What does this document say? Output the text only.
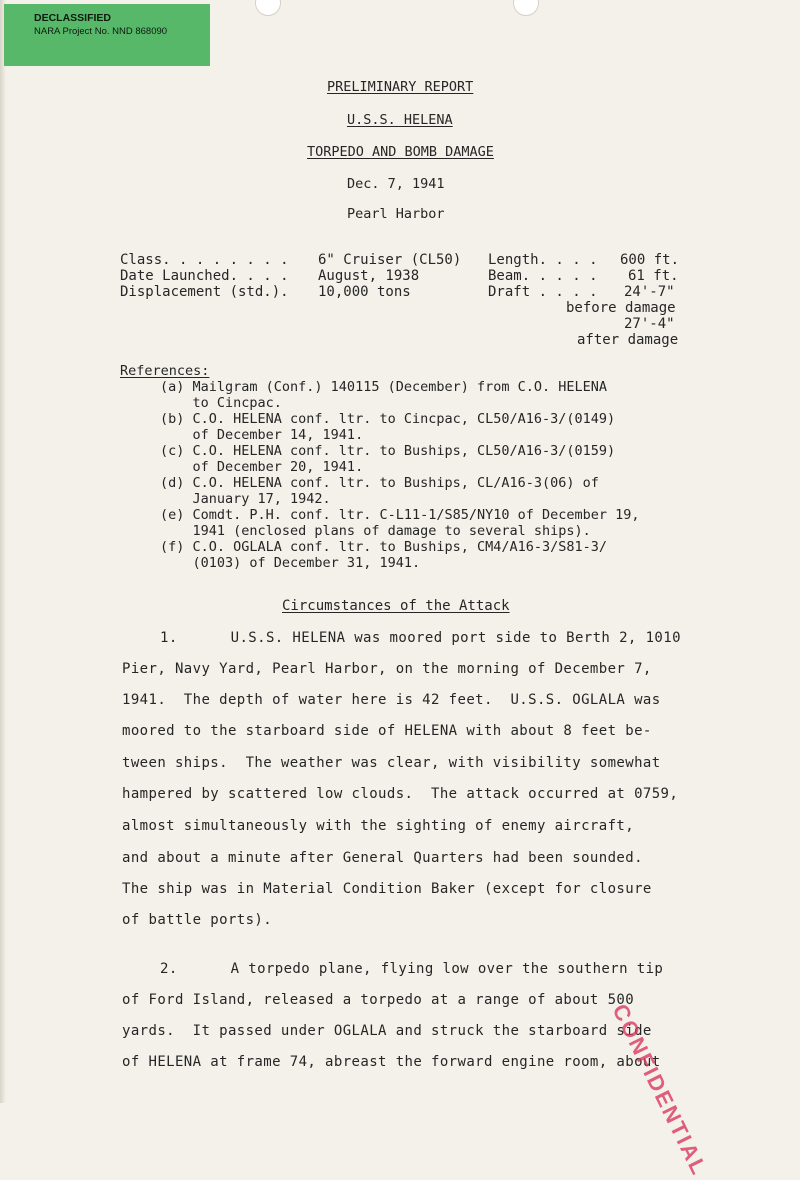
DECLASSIFIED
NARA Project No. NND 868090
PRELIMINARY REPORT
U.S.S. HELENA
TORPEDO AND BOMB DAMAGE
Dec. 7, 1941
Pearl Harbor
Class. . . . . . . . 6" Cruiser (CL50) Length. . . . 600 ft.
Date Launched. . . . August, 1938	Beam. . . . . 61 ft.
Displacement (std.). 10,000 tons	Draft . . . . 24'-7"
before damage
27'-4"
after damage
References:
(a) Mailgram (Conf.) 140115 (December) from C.O. HELENA
to Cincpac.
(b) C.O. HELENA conf. ltr. to Cincpac, CL50/A16-3/(0149)
of December 14, 1941.
(c) C.O. HELENA conf. ltr. to Buships, CL50/A16-3/(0159)
of December 20, 1941.
(d) C.O. HELENA conf. ltr. to Buships, CL/A16-3(06) of
January 17, 1942.
(e) Comdt. P.H. conf. ltr. C-L11-1/S85/NY10 of December 19,
1941 (enclosed plans of damage to several ships).
(f) C.O. OGLALA conf. ltr. to Buships, CM4/A16-3/S81-3/
(0103) of December 31, 1941.
Circumstances of the Attack
1.      U.S.S. HELENA was moored port side to Berth 2, 1010
Pier, Navy Yard, Pearl Harbor, on the morning of December 7,
1941.  The depth of water here is 42 feet.  U.S.S. OGLALA was
moored to the starboard side of HELENA with about 8 feet be-
tween ships.  The weather was clear, with visibility somewhat
hampered by scattered low clouds.  The attack occurred at 0759,
almost simultaneously with the sighting of enemy aircraft,
and about a minute after General Quarters had been sounded.
The ship was in Material Condition Baker (except for closure
of battle ports).
2.      A torpedo plane, flying low over the southern tip
of Ford Island, released a torpedo at a range of about 500
yards.  It passed under OGLALA and struck the starboard side
of HELENA at frame 74, abreast the forward engine room, about
CONFIDENTIAL
